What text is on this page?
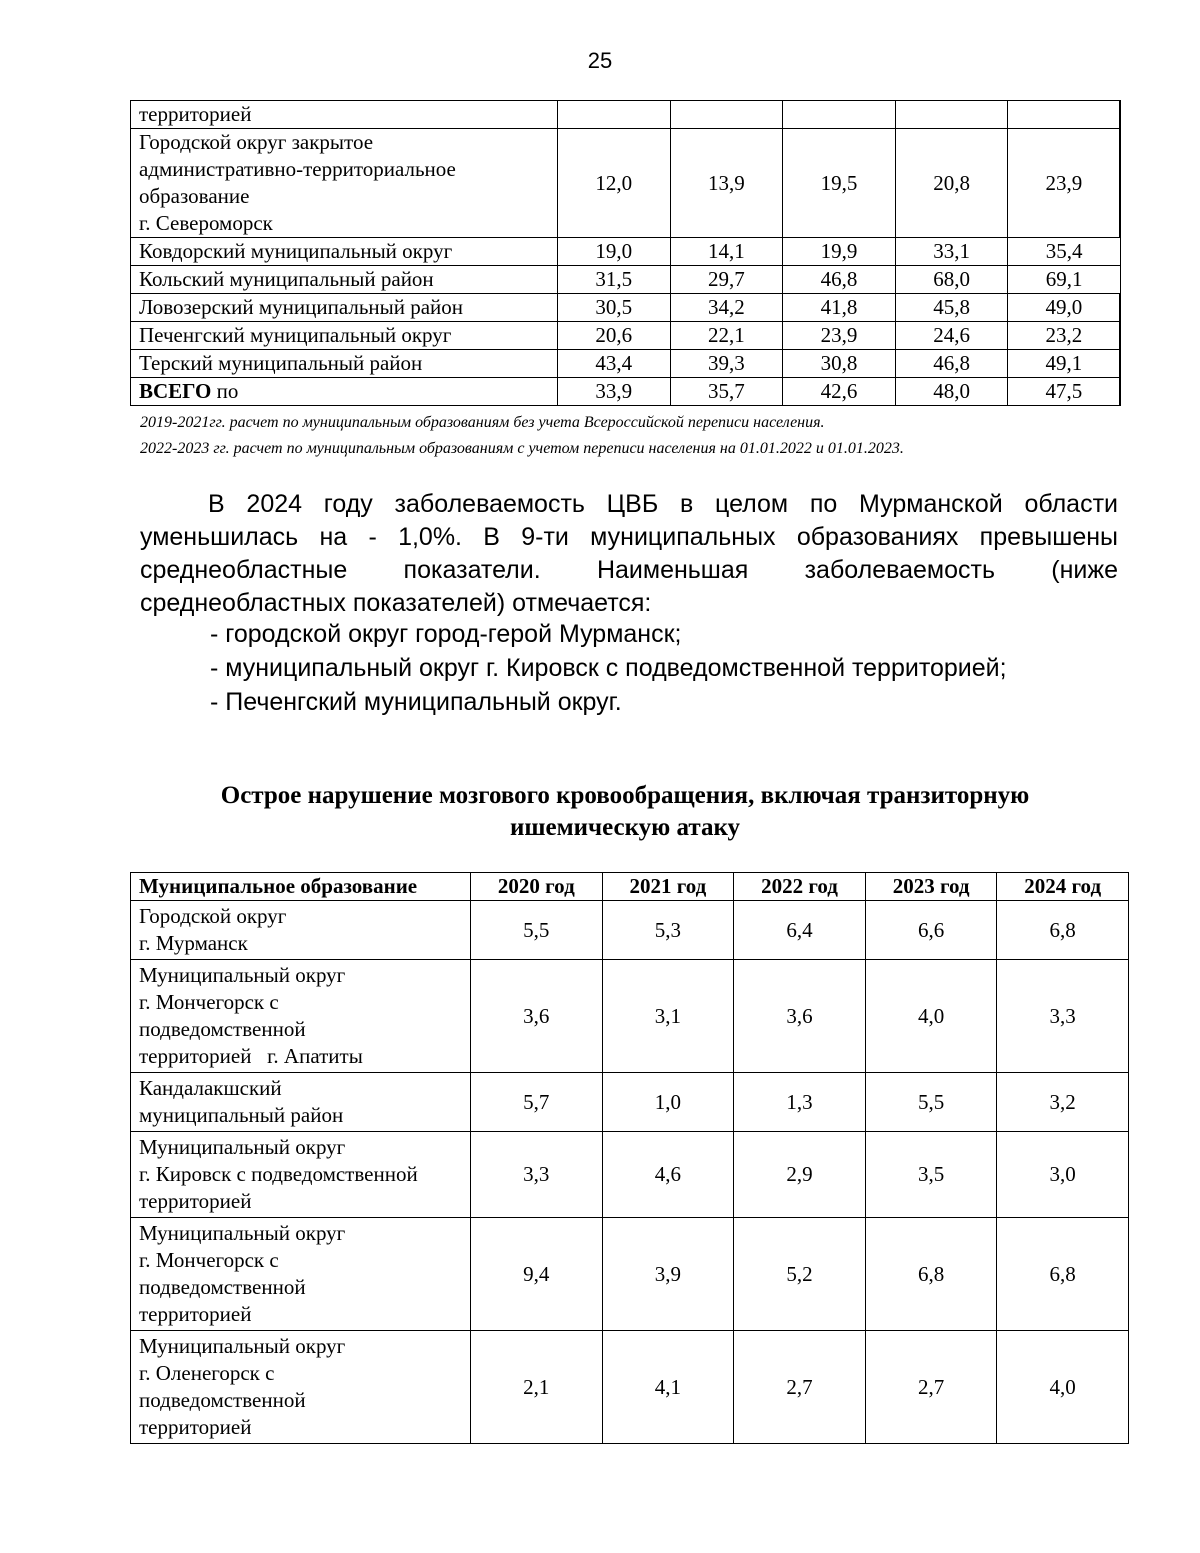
25
территорией					

Городской округ закрытое
административно-территориальное
образование
г. Североморск	12,0	13,9	19,5	20,8	23,9
Ковдорский муниципальный округ	19,0	14,1	19,9	33,1	35,4
Кольский муниципальный район	31,5	29,7	46,8	68,0	69,1
Ловозерский муниципальный район	30,5	34,2	41,8	45,8	49,0
Печенгский муниципальный округ	20,6	22,1	23,9	24,6	23,2
Терский муниципальный район	43,4	39,3	30,8	46,8	49,1
ВСЕГО по	33,9	35,7	42,6	48,0	47,5
2019-2021гг. расчет по муниципальным образованиям без учета Всероссийской переписи населения.
2022-2023 гг. расчет по муниципальным образованиям с учетом переписи населения на 01.01.2022 и 01.01.2023.
В 2024 году заболеваемость ЦВБ в целом по Мурманской области уменьшилась на - 1,0%. В 9-ти муниципальных образованиях превышены среднеобластные показатели. Наименьшая заболеваемость (ниже среднеобластных показателей) отмечается:
- городской округ город-герой Мурманск;
- муниципальный округ г. Кировск с подведомственной территорией;
- Печенгский муниципальный округ.
Острое нарушение мозгового кровообращения, включая транзиторную
ишемическую атаку
Муниципальное образование	2020 год	2021 год	2022 год	2023 год	2024 год

Городской округ
г. Мурманск	5,5	5,3	6,4	6,6	6,8

Муниципальный округ
г. Мончегорск с
подведомственной
территорией   г. Апатиты	3,6	3,1	3,6	4,0	3,3

Кандалакшский
муниципальный район	5,7	1,0	1,3	5,5	3,2

Муниципальный округ
г. Кировск с подведомственной
территорией	3,3	4,6	2,9	3,5	3,0

Муниципальный округ
г. Мончегорск с
подведомственной
территорией	9,4	3,9	5,2	6,8	6,8

Муниципальный округ
г. Оленегорск с
подведомственной
территорией	2,1	4,1	2,7	2,7	4,0
